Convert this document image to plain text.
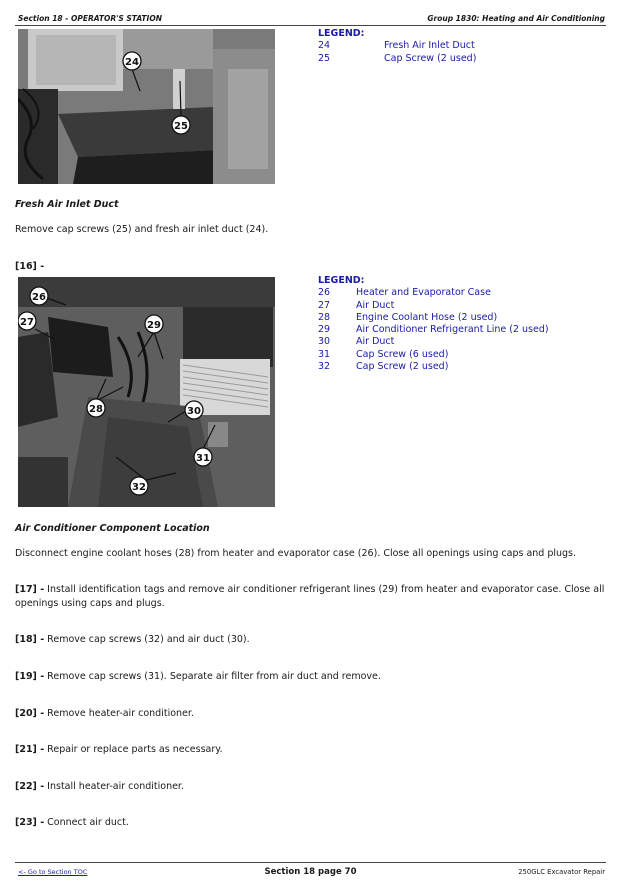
Section 18 - OPERATOR'S STATION	Group 1830: Heating and Air Conditioning
24
25
LEGEND:
24	Fresh Air Inlet Duct
25	Cap Screw (2 used)
Fresh Air Inlet Duct
Remove cap screws (25) and fresh air inlet duct (24).
[16] -
26
27	29
28	30
31
32
LEGEND:
26	Heater and Evaporator Case
27	Air Duct
28	Engine Coolant Hose (2 used)
29	Air Conditioner Refrigerant Line (2 used)
30	Air Duct
31	Cap Screw (6 used)
32	Cap Screw (2 used)
Air Conditioner Component Location
Disconnect engine coolant hoses (28) from heater and evaporator case (26). Close all openings using caps and plugs.
[17] - Install identification tags and remove air conditioner refrigerant lines (29) from heater and evaporator case. Close all openings using caps and plugs.
[18] - Remove cap screws (32) and air duct (30).
[19] - Remove cap screws (31). Separate air filter from air duct and remove.
[20] - Remove heater-air conditioner.
[21] - Repair or replace parts as necessary.
[22] - Install heater-air conditioner.
[23] - Connect air duct.
Section 18 page 70
<- Go to Section TOC	250GLC Excavator Repair
